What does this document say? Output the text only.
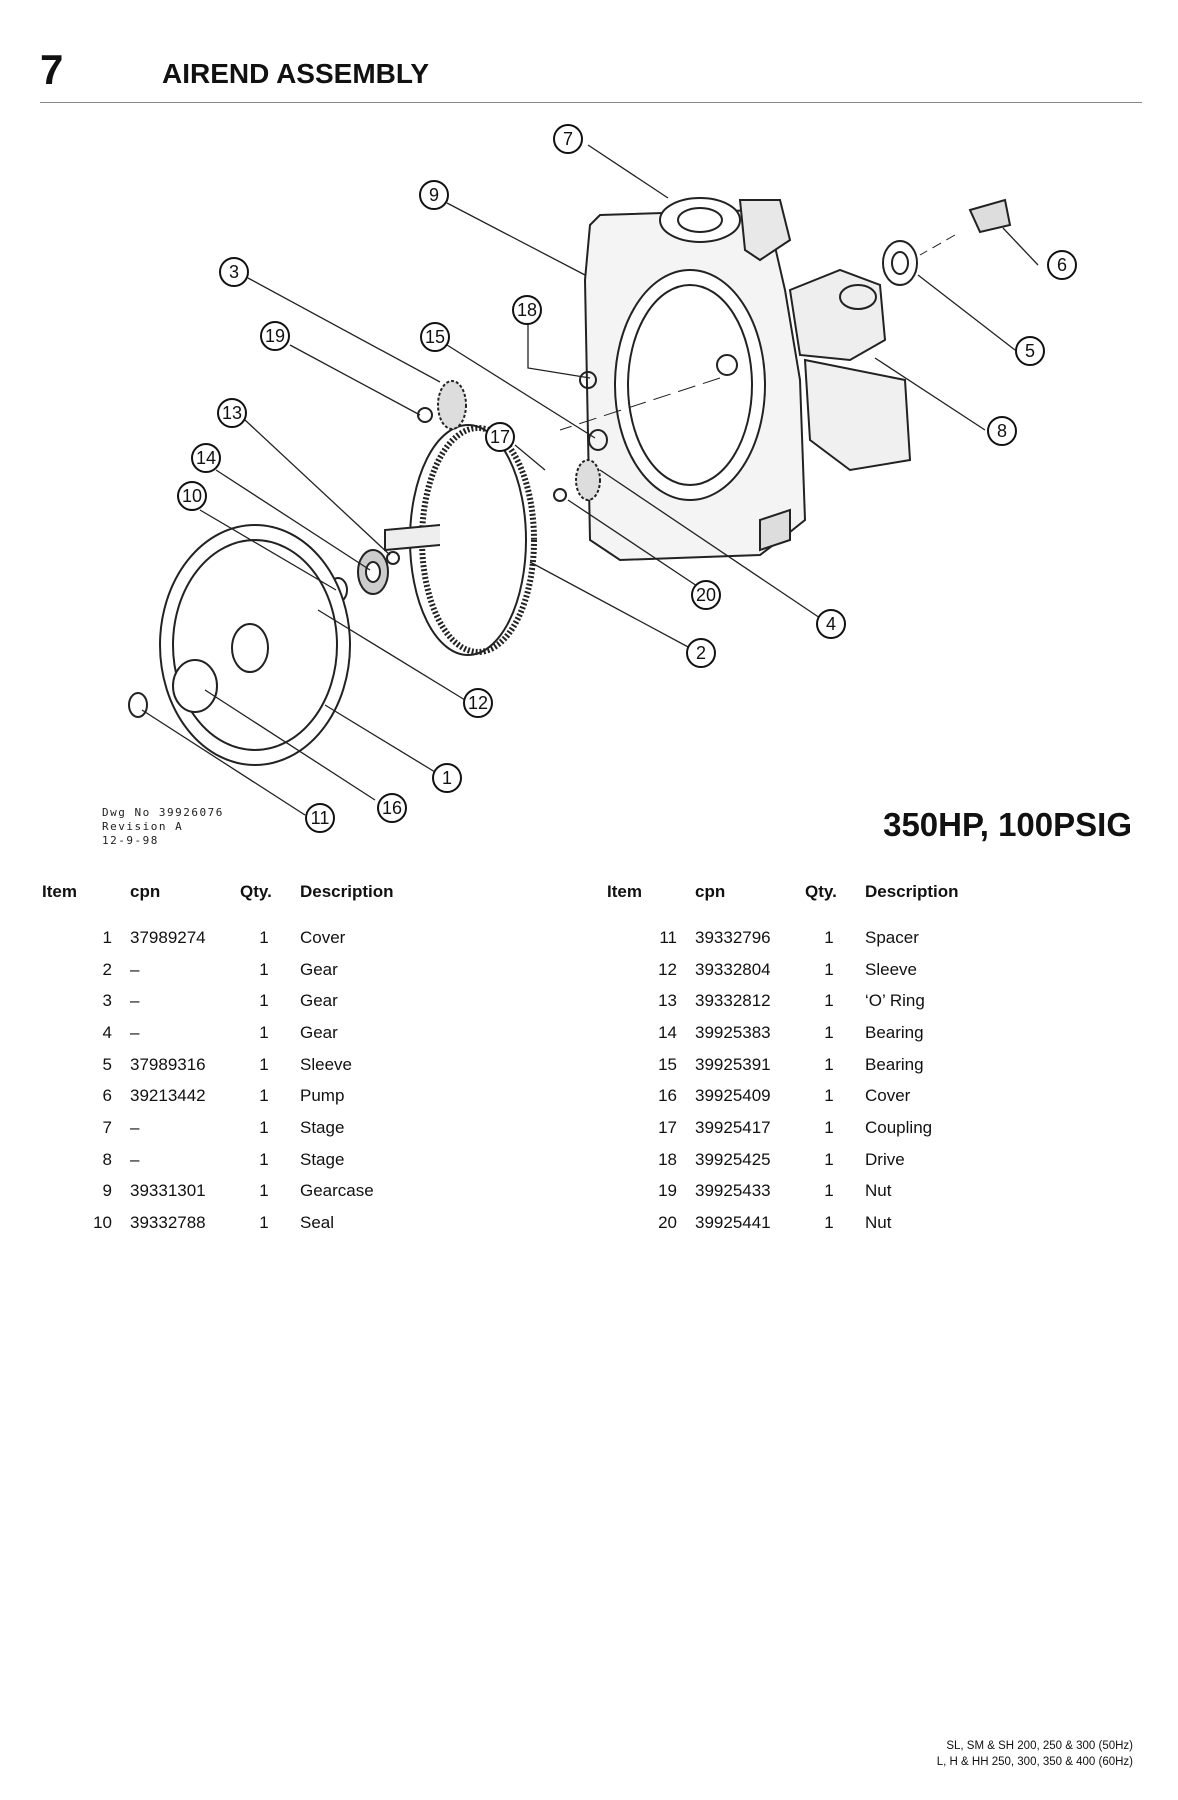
7	AIREND ASSEMBLY
7
9
3
19	15
18
13
17
14
10
6
5
8
20
4
2
12
1
16
11
Dwg No 39926076
Revision A
12-9-98	350HP, 100PSIG
Item	cpn	Qty.	Description

1	37989274	1	Cover
2	–	1	Gear
3	–	1	Gear
4	–	1	Gear
5	37989316	1	Sleeve
6	39213442	1	Pump
7	–	1	Stage
8	–	1	Stage
9	39331301	1	Gearcase
10	39332788	1	Seal
Item	cpn	Qty.	Description

11	39332796	1	Spacer
12	39332804	1	Sleeve
13	39332812	1	‘O’ Ring
14	39925383	1	Bearing
15	39925391	1	Bearing
16	39925409	1	Cover
17	39925417	1	Coupling
18	39925425	1	Drive
19	39925433	1	Nut
20	39925441	1	Nut
SL, SM & SH 200, 250 & 300 (50Hz)
L, H & HH 250, 300, 350 & 400 (60Hz)
